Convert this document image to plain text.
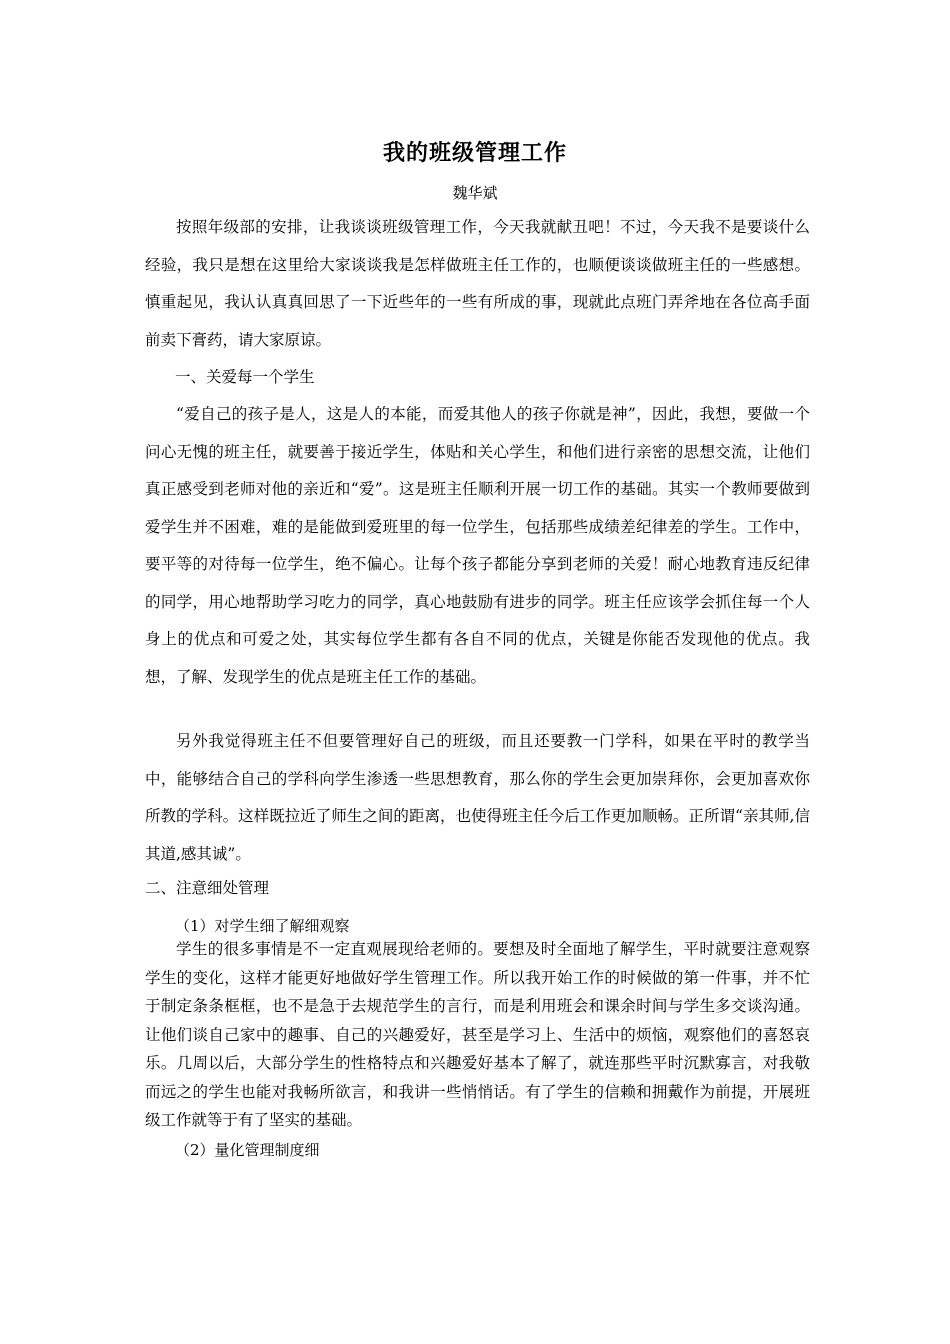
我的班级管理工作
魏华斌

按照年级部的安排，让我谈谈班级管理工作，今天我就献丑吧！不过，今天我不是要谈什么经验，我只是想在这里给大家谈谈我是怎样做班主任工作的，也顺便谈谈做班主任的一些感想。慎重起见，我认认真真回思了一下近些年的一些有所成的事，现就此点班门弄斧地在各位高手面前卖下膏药，请大家原谅。

一、关爱每一个学生

“爱自己的孩子是人，这是人的本能，而爱其他人的孩子你就是神”，因此，我想，要做一个问心无愧的班主任，就要善于接近学生，体贴和关心学生，和他们进行亲密的思想交流，让他们真正感受到老师对他的亲近和“爱”。这是班主任顺利开展一切工作的基础。其实一个教师要做到爱学生并不困难，难的是能做到爱班里的每一位学生，包括那些成绩差纪律差的学生。工作中，要平等的对待每一位学生，绝不偏心。让每个孩子都能分享到老师的关爱！耐心地教育违反纪律的同学，用心地帮助学习吃力的同学，真心地鼓励有进步的同学。班主任应该学会抓住每一个人身上的优点和可爱之处，其实每位学生都有各自不同的优点，关键是你能否发现他的优点。我想，了解、发现学生的优点是班主任工作的基础。

另外我觉得班主任不但要管理好自己的班级，而且还要教一门学科，如果在平时的教学当中，能够结合自己的学科向学生渗透一些思想教育，那么你的学生会更加崇拜你，会更加喜欢你所教的学科。这样既拉近了师生之间的距离，也使得班主任今后工作更加顺畅。正所谓“亲其师,信其道,感其诚”。

二、注意细处管理
（1）对学生细了解细观察

学生的很多事情是不一定直观展现给老师的。要想及时全面地了解学生，平时就要注意观察学生的变化，这样才能更好地做好学生管理工作。所以我开始工作的时候做的第一件事，并不忙于制定条条框框，也不是急于去规范学生的言行，而是利用班会和课余时间与学生多交谈沟通。让他们谈自己家中的趣事、自己的兴趣爱好，甚至是学习上、生活中的烦恼，观察他们的喜怒哀乐。几周以后，大部分学生的性格特点和兴趣爱好基本了解了，就连那些平时沉默寡言，对我敬而远之的学生也能对我畅所欲言，和我讲一些悄悄话。有了学生的信赖和拥戴作为前提，开展班级工作就等于有了坚实的基础。

（2）量化管理制度细
